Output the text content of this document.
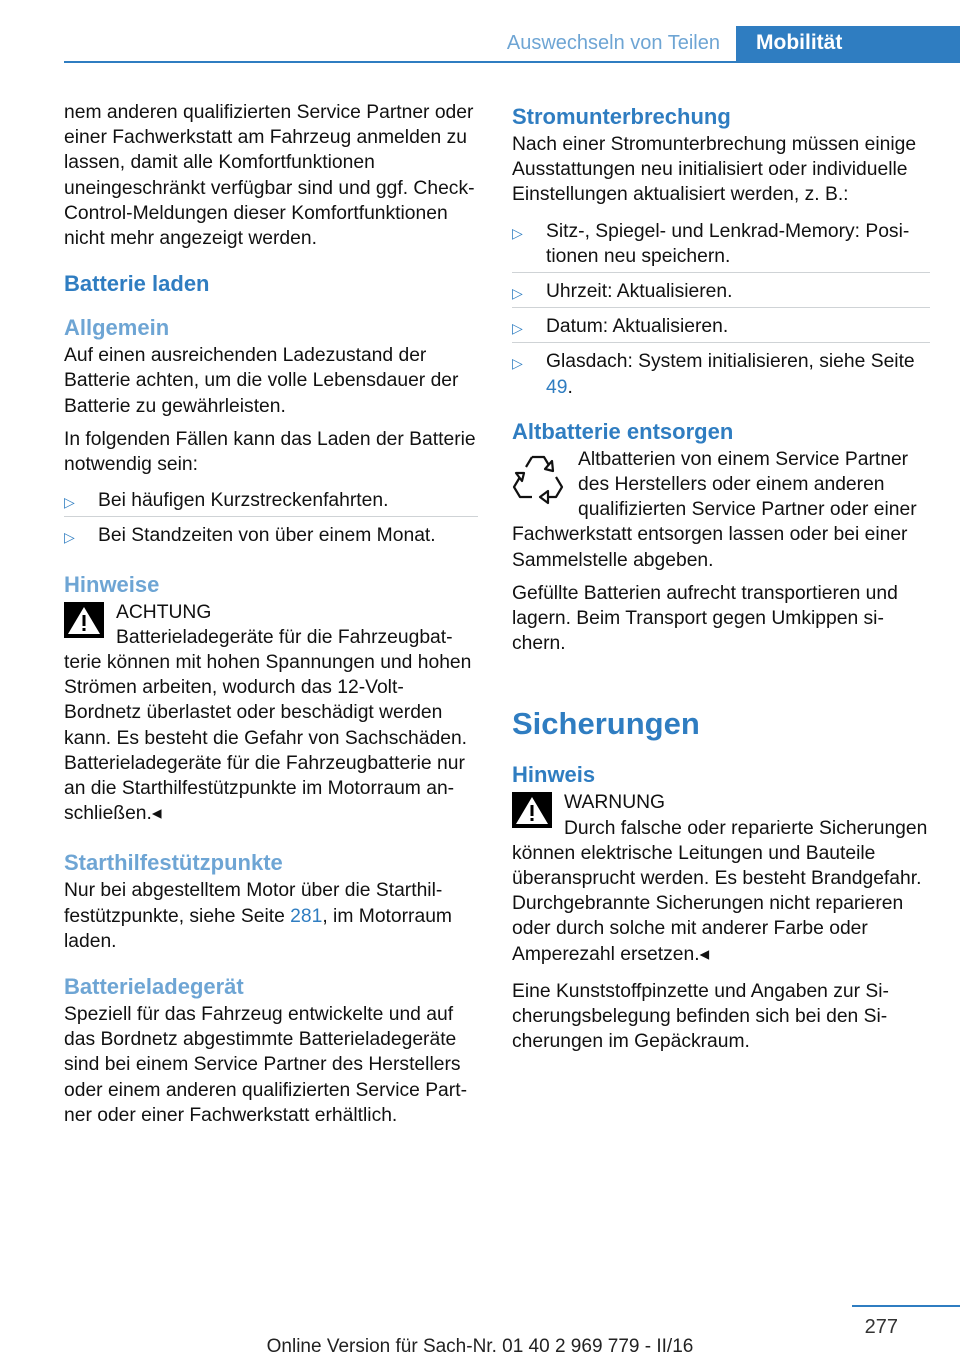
Auswechseln von Teilen	Mobilität

nem anderen qualifizierten Service Partner oder einer Fachwerkstatt am Fahrzeug anmelden zu lassen, damit alle Komfortfunktionen uneingeschränkt verfügbar sind und ggf. Check-Control-Meldungen dieser Komfortfunktionen nicht mehr angezeigt werden.

Batterie laden
Allgemein

Auf einen ausreichenden Ladezustand der Batterie achten, um die volle Lebensdauer der Batterie zu gewährleisten.

In folgenden Fällen kann das Laden der Batterie notwendig sein:

▷ Bei häufigen Kurzstreckenfahrten.
▷ Bei Standzeiten von über einem Monat.
Hinweise
ACHTUNG

Batterieladegeräte für die Fahrzeugbatterie können mit hohen Spannungen und hohen Strömen arbeiten, wodurch das 12-Volt-Bordnetz überlastet oder beschädigt werden kann. Es besteht die Gefahr von Sachschäden. Batterieladegeräte für die Fahrzeugbatterie nur an die Starthilfestützpunkte im Motorraum anschließen.◂

Starthilfestützpunkte

Nur bei abgestelltem Motor über die Starthilfestützpunkte, siehe Seite 281, im Motorraum laden.

Batterieladegerät

Speziell für das Fahrzeug entwickelte und auf das Bordnetz abgestimmte Batterieladegeräte sind bei einem Service Partner des Herstellers oder einem anderen qualifizierten Service Partner oder einer Fachwerkstatt erhältlich.

Stromunterbrechung

Nach einer Stromunterbrechung müssen einige Ausstattungen neu initialisiert oder individuelle Einstellungen aktualisiert werden, z. B.:

▷ Sitz-, Spiegel- und Lenkrad-Memory: Positionen neu speichern.
▷ Uhrzeit: Aktualisieren.
▷ Datum: Aktualisieren.
▷ Glasdach: System initialisieren, siehe Seite 49.
Altbatterie entsorgen

Altbatterien von einem Service Partner des Herstellers oder einem anderen qualifizierten Service Partner oder einer Fachwerkstatt entsorgen lassen oder bei einer Sammelstelle abgeben.

Gefüllte Batterien aufrecht transportieren und lagern. Beim Transport gegen Umkippen sichern.

Sicherungen
Hinweis
WARNUNG

Durch falsche oder reparierte Sicherungen können elektrische Leitungen und Bauteile überansprucht werden. Es besteht Brandgefahr. Durchgebrannte Sicherungen nicht reparieren oder durch solche mit anderer Farbe oder Amperezahl ersetzen.◂

Eine Kunststoffpinzette und Angaben zur Sicherungsbelegung befinden sich bei den Sicherungen im Gepäckraum.

277
Online Version für Sach-Nr. 01 40 2 969 779 - II/16
